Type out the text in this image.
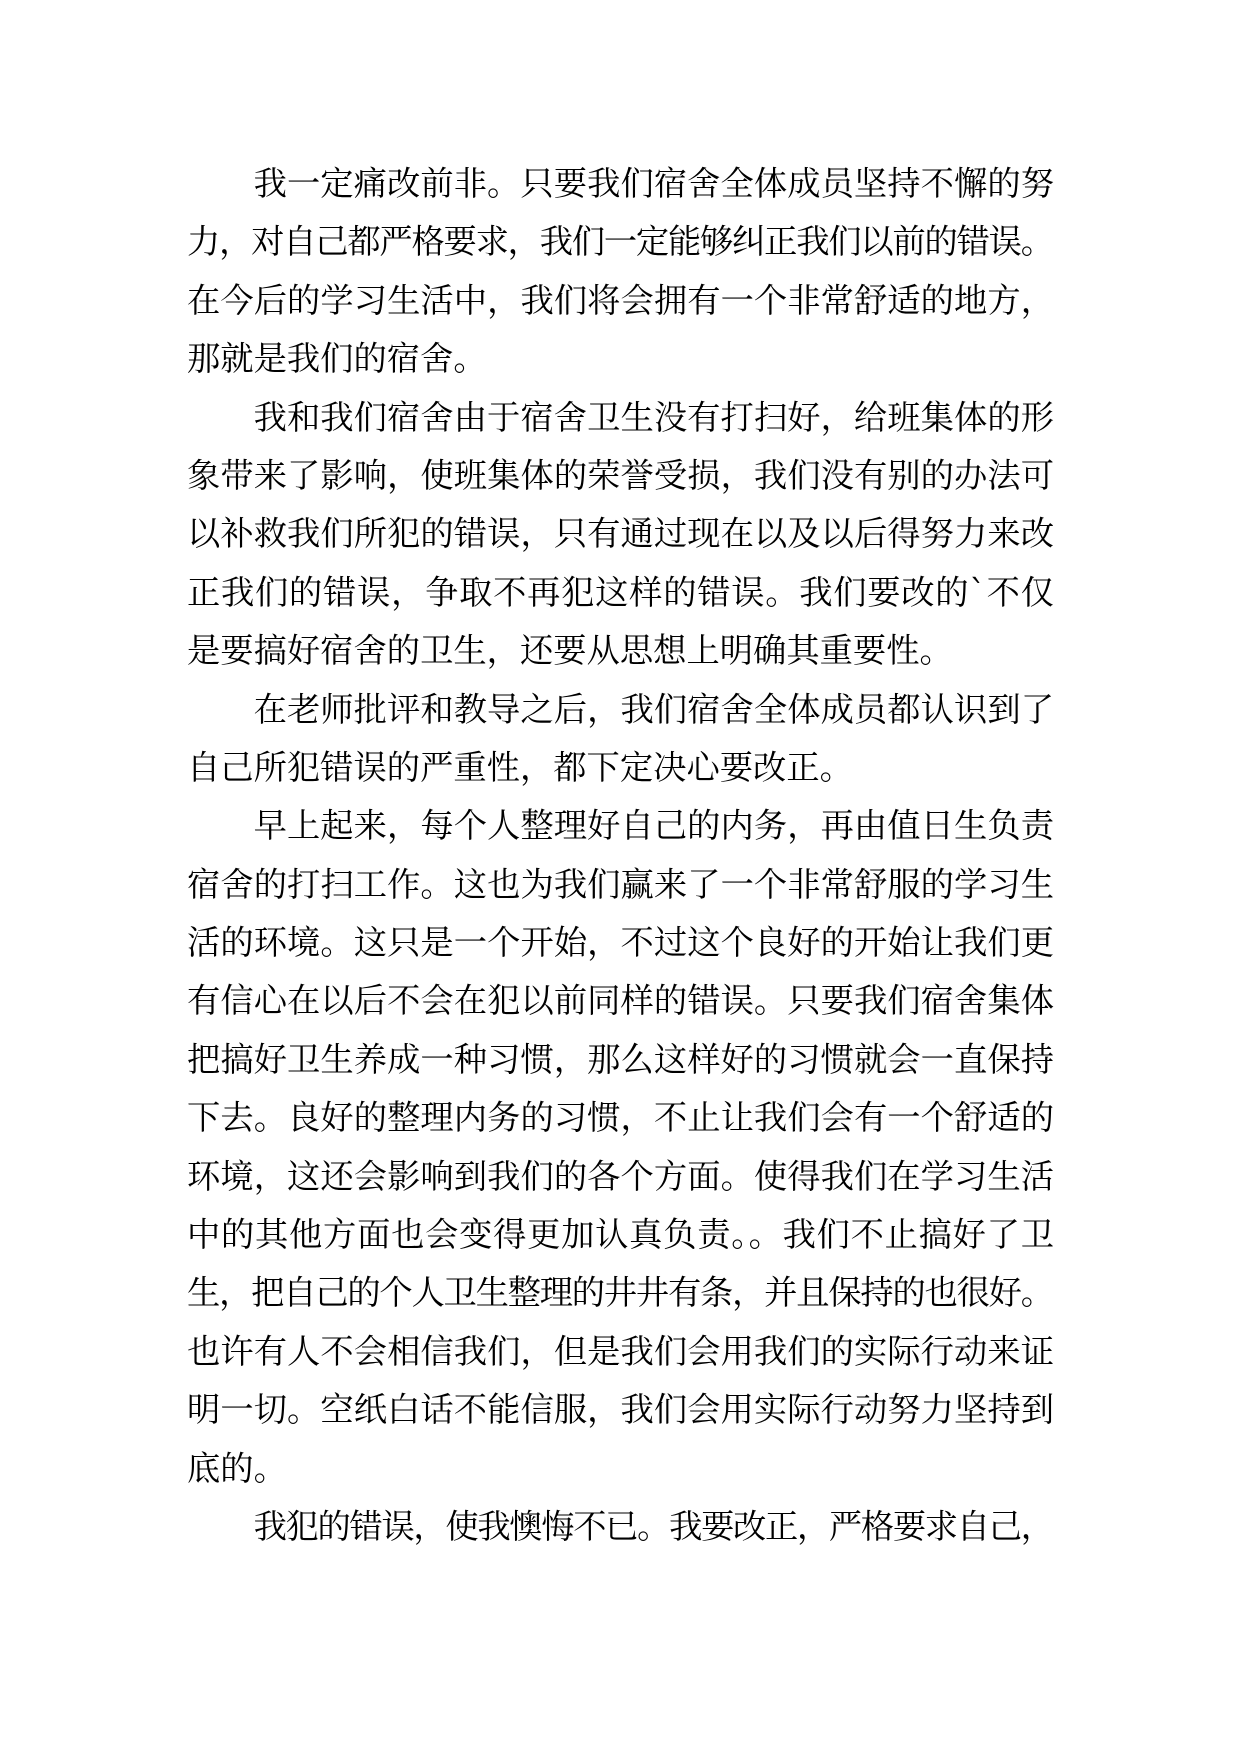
我一定痛改前非。只要我们宿舍全体成员坚持不懈的努
力，对自己都严格要求，我们一定能够纠正我们以前的错误。
在今后的学习生活中，我们将会拥有一个非常舒适的地方，
那就是我们的宿舍。
我和我们宿舍由于宿舍卫生没有打扫好，给班集体的形
象带来了影响，使班集体的荣誉受损，我们没有别的办法可
以补救我们所犯的错误，只有通过现在以及以后得努力来改
正我们的错误，争取不再犯这样的错误。我们要改的`不仅
是要搞好宿舍的卫生，还要从思想上明确其重要性。
在老师批评和教导之后，我们宿舍全体成员都认识到了
自己所犯错误的严重性，都下定决心要改正。
早上起来，每个人整理好自己的内务，再由值日生负责
宿舍的打扫工作。这也为我们赢来了一个非常舒服的学习生
活的环境。这只是一个开始，不过这个良好的开始让我们更
有信心在以后不会在犯以前同样的错误。只要我们宿舍集体
把搞好卫生养成一种习惯，那么这样好的习惯就会一直保持
下去。良好的整理内务的习惯，不止让我们会有一个舒适的
环境，这还会影响到我们的各个方面。使得我们在学习生活
中的其他方面也会变得更加认真负责。。我们不止搞好了卫
生，把自己的个人卫生整理的井井有条，并且保持的也很好。
也许有人不会相信我们，但是我们会用我们的实际行动来证
明一切。空纸白话不能信服，我们会用实际行动努力坚持到
底的。
我犯的错误，使我懊悔不已。我要改正，严格要求自己，
